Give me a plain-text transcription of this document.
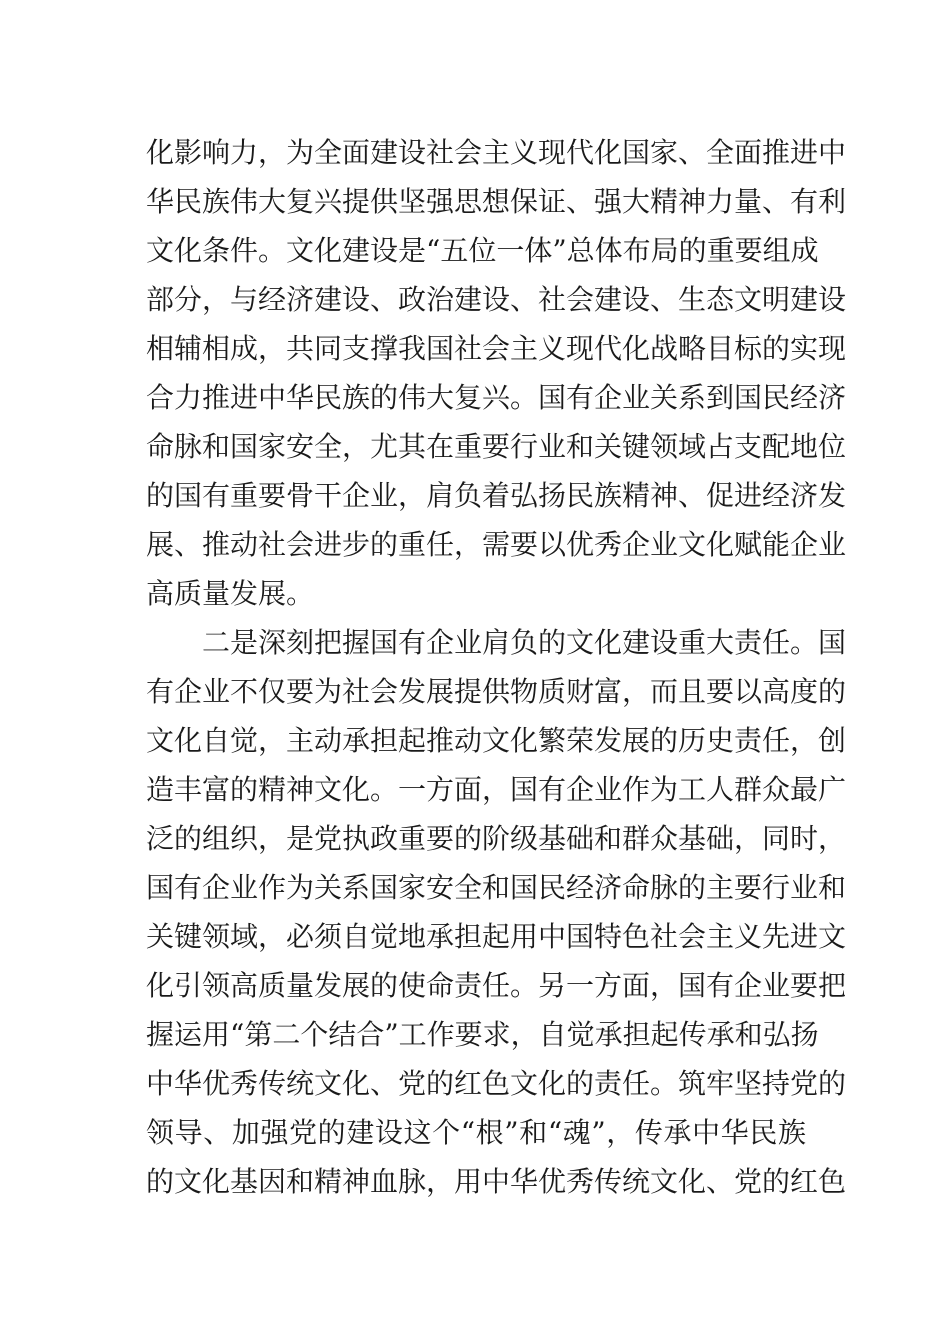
化影响力，为全面建设社会主义现代化国家、全面推进中
华民族伟大复兴提供坚强思想保证、强大精神力量、有利
文化条件。文化建设是“五位一体”总体布局的重要组成
部分，与经济建设、政治建设、社会建设、生态文明建设
相辅相成，共同支撑我国社会主义现代化战略目标的实现
合力推进中华民族的伟大复兴。国有企业关系到国民经济
命脉和国家安全，尤其在重要行业和关键领域占支配地位
的国有重要骨干企业，肩负着弘扬民族精神、促进经济发
展、推动社会进步的重任，需要以优秀企业文化赋能企业
高质量发展。
二是深刻把握国有企业肩负的文化建设重大责任。国
有企业不仅要为社会发展提供物质财富，而且要以高度的
文化自觉，主动承担起推动文化繁荣发展的历史责任，创
造丰富的精神文化。一方面，国有企业作为工人群众最广
泛的组织，是党执政重要的阶级基础和群众基础，同时，
国有企业作为关系国家安全和国民经济命脉的主要行业和
关键领域，必须自觉地承担起用中国特色社会主义先进文
化引领高质量发展的使命责任。另一方面，国有企业要把
握运用“第二个结合”工作要求，自觉承担起传承和弘扬
中华优秀传统文化、党的红色文化的责任。筑牢坚持党的
领导、加强党的建设这个“根”和“魂”，传承中华民族
的文化基因和精神血脉，用中华优秀传统文化、党的红色
